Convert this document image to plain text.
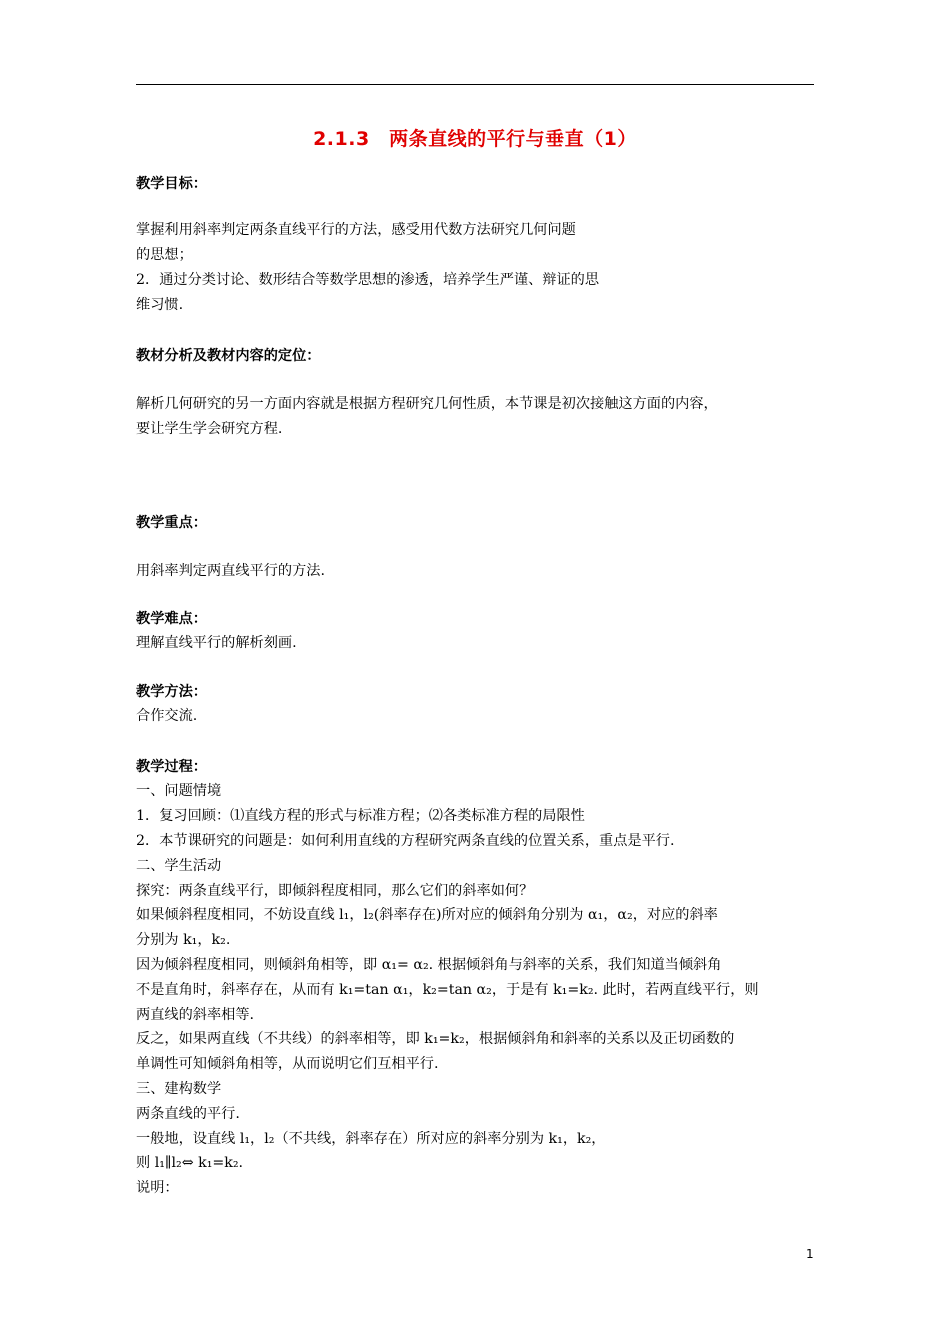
2.1.3　两条直线的平行与垂直（1）
教学目标：
掌握利用斜率判定两条直线平行的方法，感受用代数方法研究几何问题
的思想；
2．通过分类讨论、数形结合等数学思想的渗透，培养学生严谨、辩证的思
维习惯.
教材分析及教材内容的定位：
解析几何研究的另一方面内容就是根据方程研究几何性质，本节课是初次接触这方面的内容，
要让学生学会研究方程.
教学重点：
用斜率判定两直线平行的方法.
教学难点：
理解直线平行的解析刻画.
教学方法：
合作交流.
教学过程：
一、问题情境
1．复习回顾：⑴直线方程的形式与标准方程；⑵各类标准方程的局限性
2．本节课研究的问题是：如何利用直线的方程研究两条直线的位置关系，重点是平行.
二、学生活动
探究：两条直线平行，即倾斜程度相同，那么它们的斜率如何？
如果倾斜程度相同，不妨设直线 l₁，l₂(斜率存在)所对应的倾斜角分别为 α₁，α₂，对应的斜率
分别为 k₁，k₂.
因为倾斜程度相同，则倾斜角相等，即 α₁= α₂. 根据倾斜角与斜率的关系，我们知道当倾斜角
不是直角时，斜率存在，从而有 k₁=tan α₁，k₂=tan α₂，于是有 k₁=k₂. 此时，若两直线平行，则
两直线的斜率相等.
反之，如果两直线（不共线）的斜率相等，即 k₁=k₂，根据倾斜角和斜率的关系以及正切函数的
单调性可知倾斜角相等，从而说明它们互相平行.
三、建构数学
两条直线的平行.
一般地，设直线 l₁，l₂（不共线，斜率存在）所对应的斜率分别为 k₁，k₂，
则 l₁∥l₂⇔ k₁=k₂.
说明：
1
